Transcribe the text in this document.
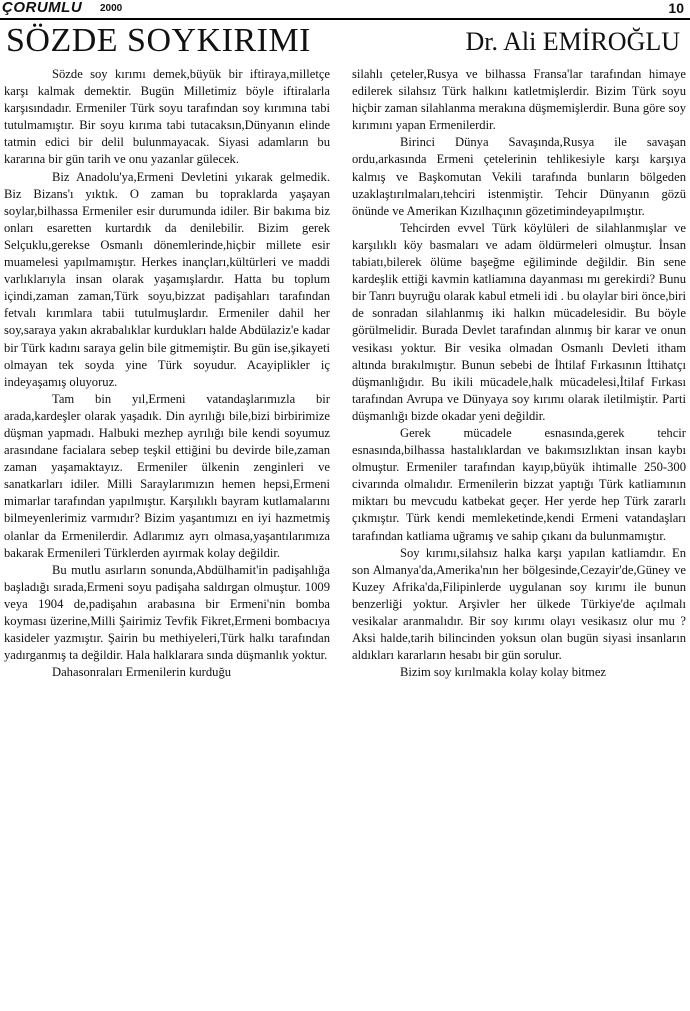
ÇORUMLU 2000	10
SÖZDE SOYKIRIMI	Dr. Ali EMİROĞLU

Sözde soy kırımı demek,büyük bir iftiraya,milletçe karşı kalmak demektir. Bugün Milletimiz böyle iftiralarla karşısındadır. Ermeniler Türk soyu tarafından soy kırımına tabi tutulmamıştır. Bir soyu kırıma tabi tutacaksın,Dünyanın elinde tatmin edici bir delil bulunmayacak. Siyasi adamların bu kararına bir gün tarih ve onu yazanlar gülecek.

Biz Anadolu'ya,Ermeni Devletini yıkarak gelmedik. Biz Bizans'ı yıktık. O zaman bu topraklarda yaşayan soylar,bilhassa Ermeniler esir durumunda idiler. Bir bakıma biz onları esaretten kurtardık da denilebilir. Bizim gerek Selçuklu,gerekse Osmanlı dönemlerinde,hiçbir millete esir muamelesi yapılmamıştır. Herkes inançları,kültürleri ve maddi varlıklarıyla insan olarak yaşamışlardır. Hatta bu toplum içindi,zaman zaman,Türk soyu,bizzat padişahları tarafından fetvalı kırımlara tabii tutulmuşlardır. Ermeniler dahil her soy,saraya yakın akrabalıklar kurdukları halde Abdülaziz'e kadar bir Türk kadını saraya gelin bile gitmemiştir. Bu gün ise,şikayeti olmayan tek soyda yine Türk soyudur. Acayiplikler iç indeyaşamış oluyoruz.

Tam bin yıl,Ermeni vatandaşlarımızla bir arada,kardeşler olarak yaşadık. Din ayrılığı bile,bizi birbirimize düşman yapmadı. Halbuki mezhep ayrılığı bile kendi soyumuz arasındane facialara sebep teşkil ettiğini bu devirde bile,zaman zaman yaşamaktayız. Ermeniler ülkenin zenginleri ve sanatkarları idiler. Milli Saraylarımızın hemen hepsi,Ermeni mimarlar tarafından yapılmıştır. Karşılıklı bayram kutlamalarını bilmeyenlerimiz varmıdır? Bizim yaşantımızı en iyi hazmetmiş olanlar da Ermenilerdir. Adlarımız ayrı olmasa,yaşantılarımıza bakarak Ermenileri Türklerden ayırmak kolay değildir.

Bu mutlu asırların sonunda,Abdülhamit'in padişahlığa başladığı sırada,Ermeni soyu padişaha saldırgan olmuştur. 1009 veya 1904 de,padişahın arabasına bir Ermeni'nin bomba koyması üzerine,Milli Şairimiz Tevfik Fikret,Ermeni bombacıya kasideler yazmıştır. Şairin bu methiyeleri,Türk halkı tarafından yadırganmış ta değildir. Hala halklarara sında düşmanlık yoktur.

Dahasonraları Ermenilerin kurduğu

silahlı çeteler,Rusya ve bilhassa Fransa'lar tarafından himaye edilerek silahsız Türk halkını katletmişlerdir. Bizim Türk soyu hiçbir zaman silahlanma merakına düşmemişlerdir. Buna göre soy kırımını yapan Ermenilerdir.

Birinci Dünya Savaşında,Rusya ile savaşan ordu,arkasında Ermeni çetelerinin tehlikesiyle karşı karşıya kalmış ve Başkomutan Vekili tarafında bunların bölgeden uzaklaştırılmaları,tehciri istenmiştir. Tehcir Dünyanın gözü önünde ve Amerikan Kızılhaçının gözetimindeyapılmıştır.

Tehcirden evvel Türk köylüleri de silahlanmışlar ve karşılıklı köy basmaları ve adam öldürmeleri olmuştur. İnsan tabiatı,bilerek ölüme başeğme eğiliminde değildir. Bin sene kardeşlik ettiği kavmin katliamına dayanması mı gerekirdi? Bunu bir Tanrı buyruğu olarak kabul etmeli idi . bu olaylar biri önce,biri de sonradan silahlanmış iki halkın mücadelesidir. Bu böyle görülmelidir. Burada Devlet tarafından alınmış bir karar ve onun vesikası yoktur. Bir vesika olmadan Osmanlı Devleti itham altında bırakılmıştır. Bunun sebebi de İhtilaf Fırkasının İttihatçı düşmanlığıdır. Bu ikili mücadele,halk mücadelesi,İtilaf Fırkası tarafından Avrupa ve Dünyaya soy kırımı olarak iletilmiştir. Parti düşmanlığı bizde okadar yeni değildir.

Gerek mücadele esnasında,gerek tehcir esnasında,bilhassa hastalıklardan ve bakımsızlıktan insan kaybı olmuştur. Ermeniler tarafından kayıp,büyük ihtimalle 250-300 civarında olmalıdır. Ermenilerin bizzat yaptığı Türk katliamının miktarı bu mevcudu katbekat geçer. Her yerde hep Türk zararlı çıkmıştır. Türk kendi memleketinde,kendi Ermeni vatandaşları tarafından katliama uğramış ve sahip çıkanı da bulunmamıştır.

Soy kırımı,silahsız halka karşı yapılan katliamdır. En son Almanya'da,Amerika'nın her bölgesinde,Cezayir'de,Güney ve Kuzey Afrika'da,Filipinlerde uygulanan soy kırımı ile bunun benzerliği yoktur. Arşivler her ülkede Türkiye'de açılmalı vesikalar aranmalıdır. Bir soy kırımı olayı vesikasız olur mu ? Aksi halde,tarih bilincinden yoksun olan bugün siyasi insanların aldıkları kararların hesabı bir gün sorulur.

Bizim soy kırılmakla kolay kolay bitmez
